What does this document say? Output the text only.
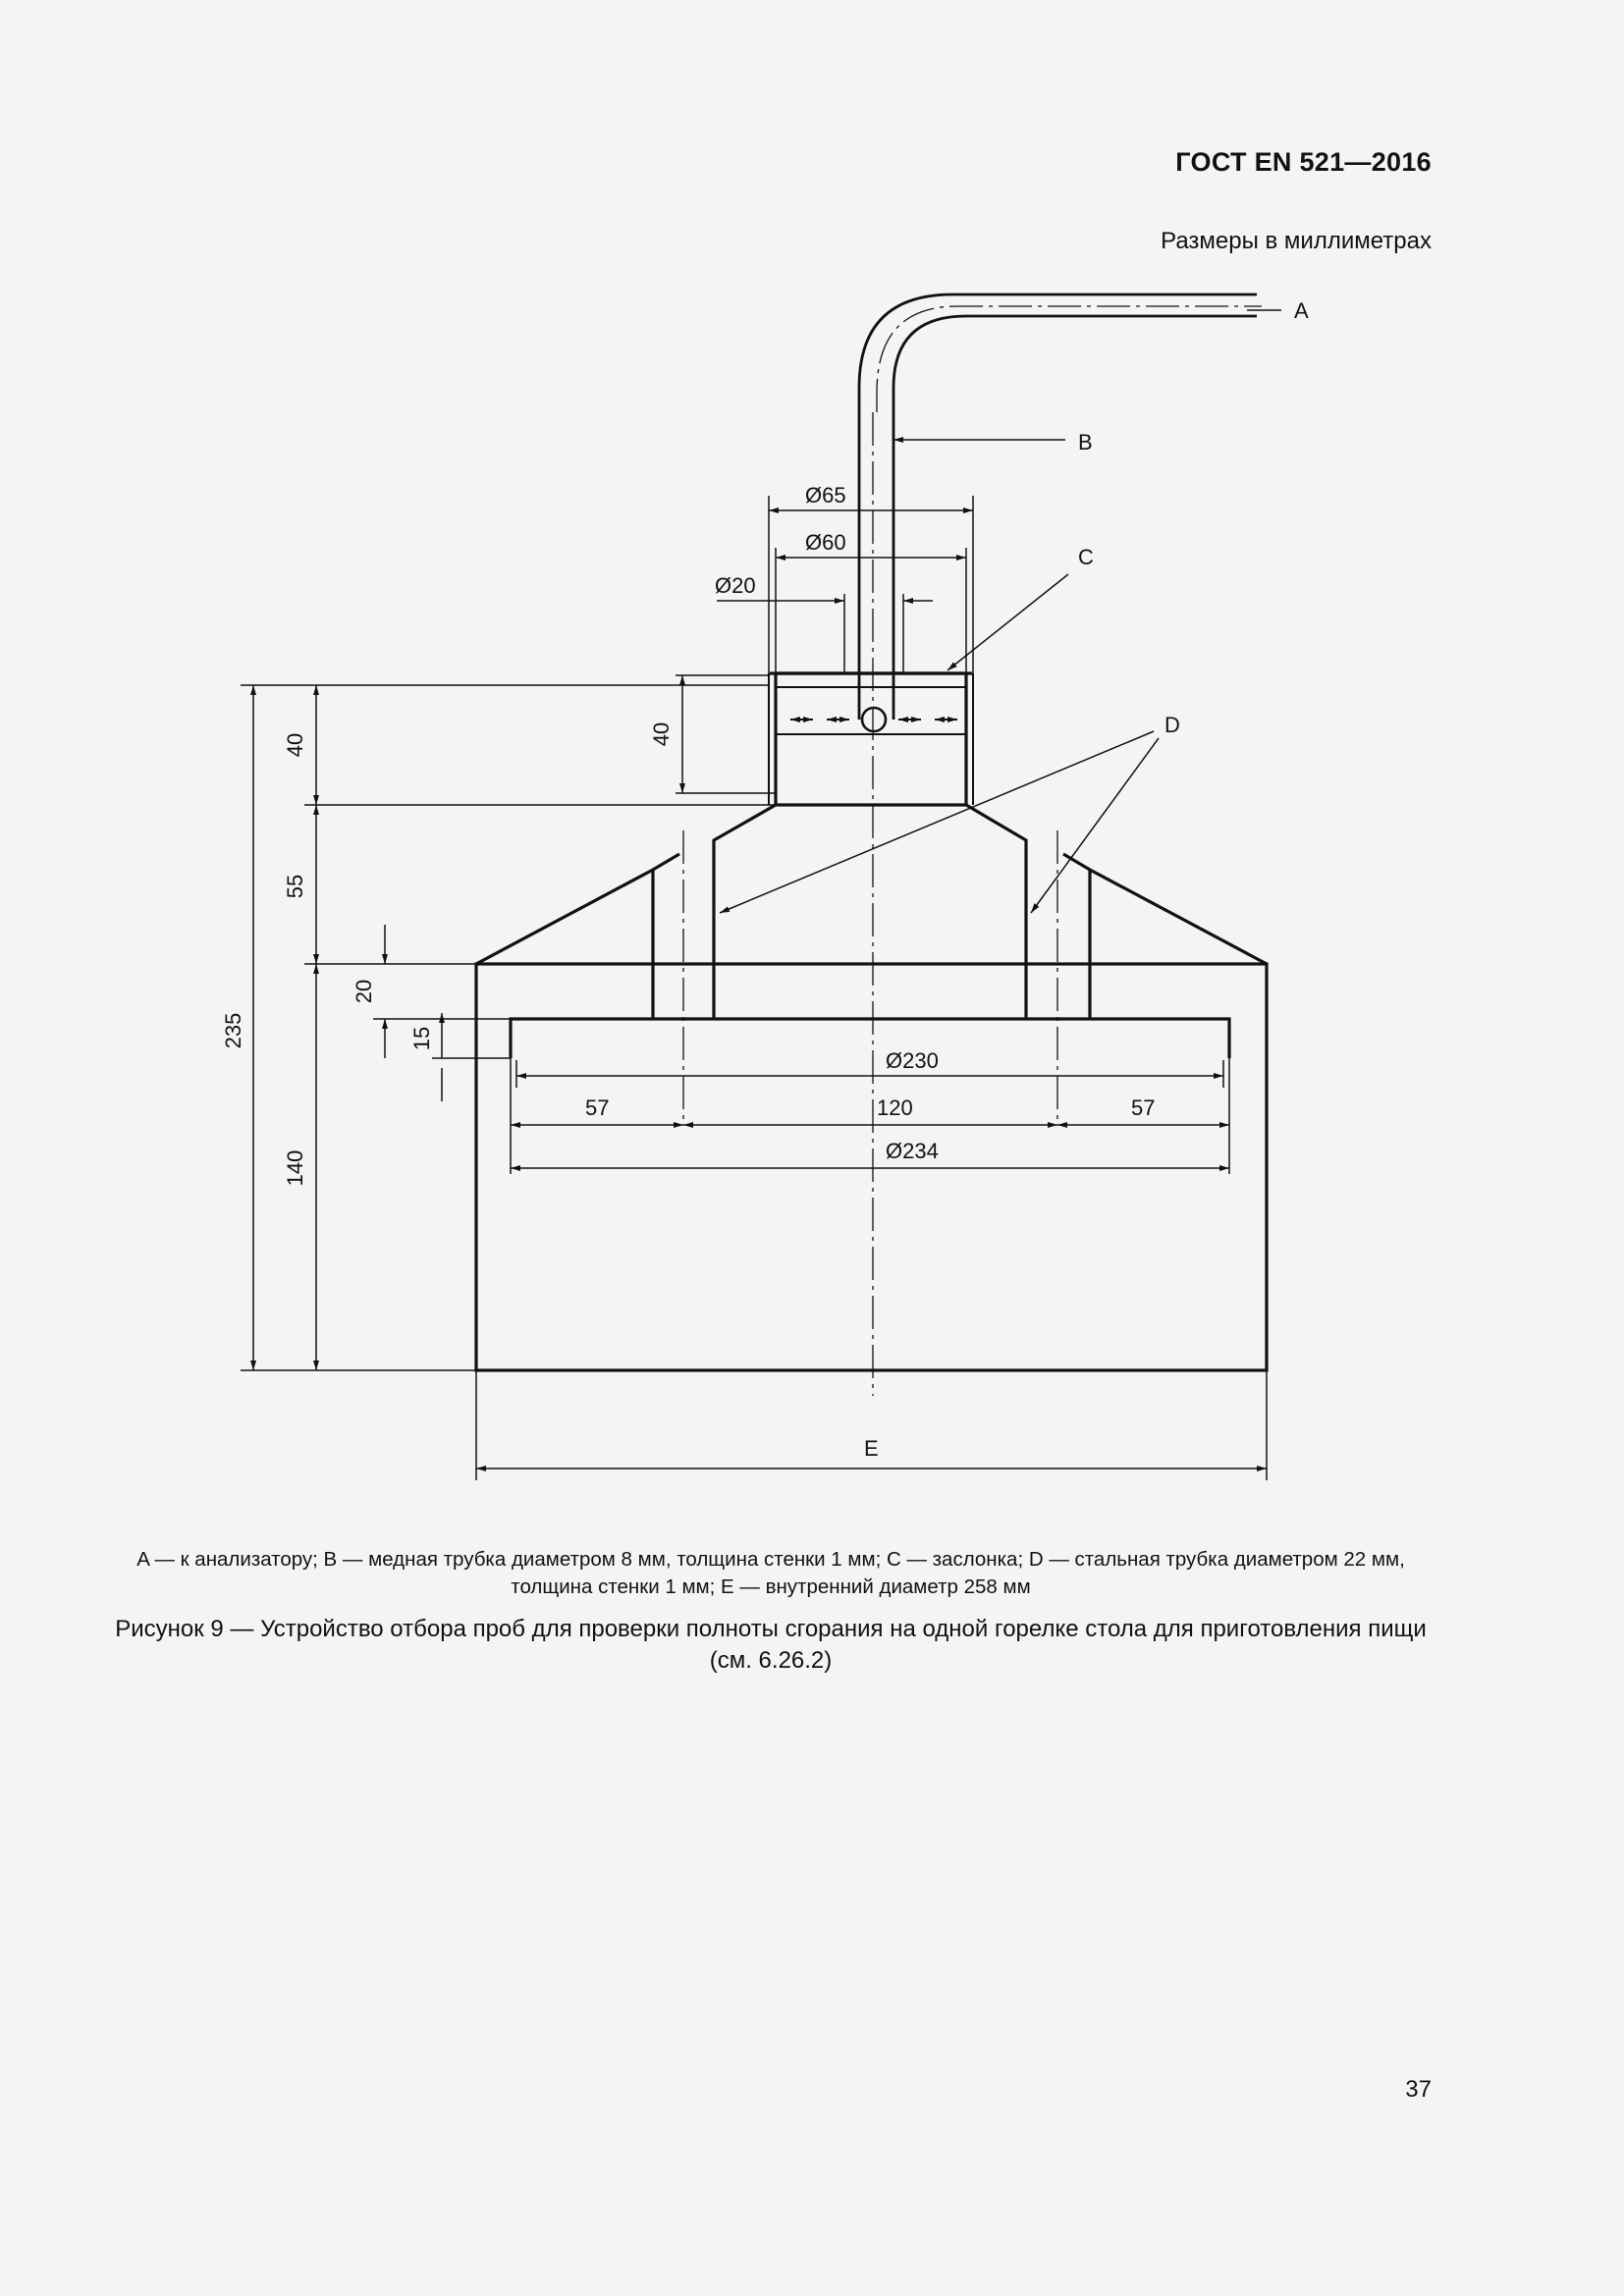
ГОСТ EN 521—2016
Размеры в миллиметрах
A
B
C
D
E
Ø65
Ø60
Ø20
235
40
55
140
40
20
15
Ø230
57	120	57
Ø234
A — к анализатору; B — медная трубка диаметром 8 мм, толщина стенки 1 мм; C — заслонка; D — стальная трубка диаметром 22 мм, толщина стенки 1 мм; E — внутренний диаметр 258 мм
Рисунок 9 — Устройство отбора проб для проверки полноты сгорания на одной горелке стола для приготовления пищи (см. 6.26.2)
37
